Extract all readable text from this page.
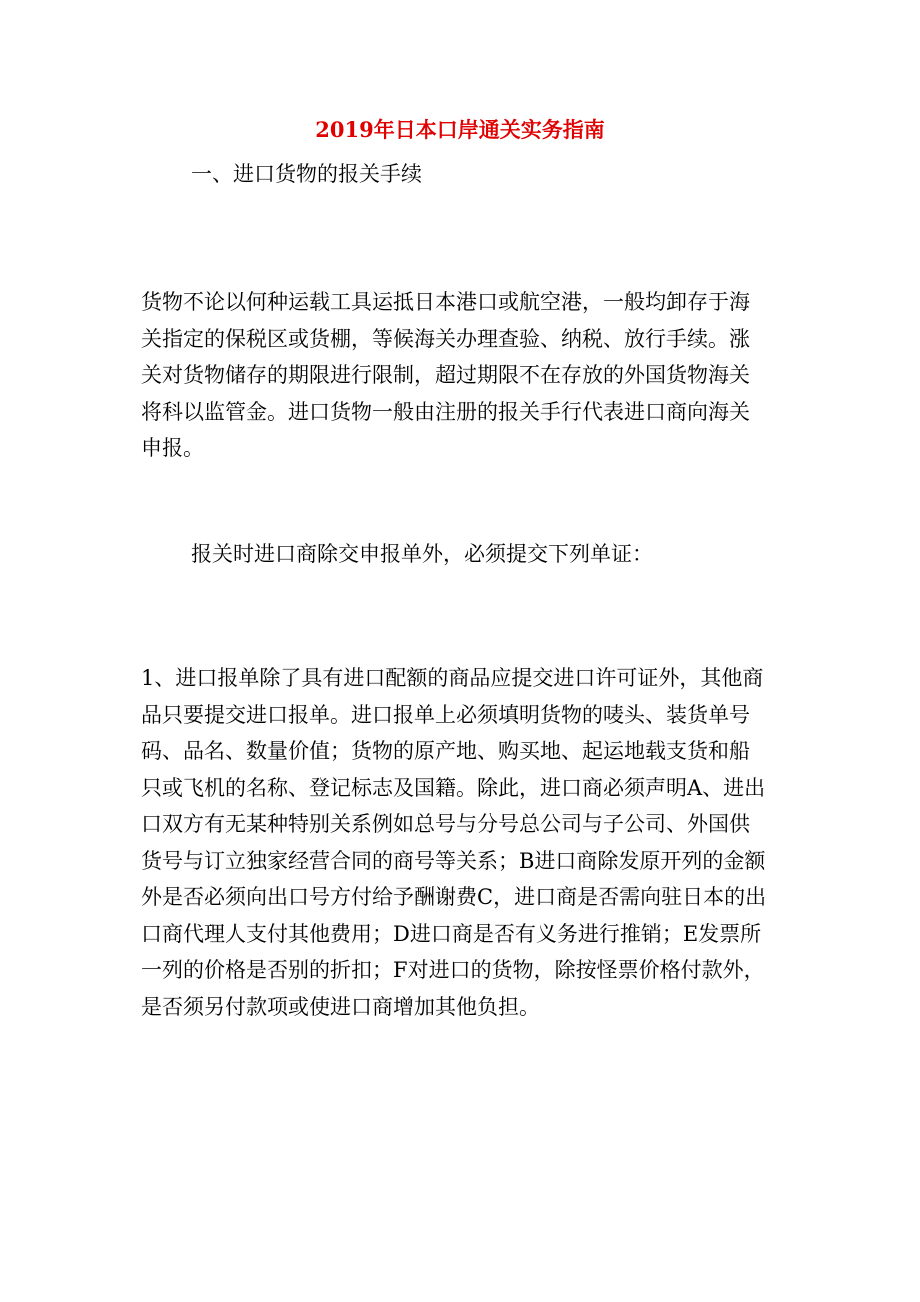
2019年日本口岸通关实务指南
一、进口货物的报关手续
货物不论以何种运载工具运抵日本港口或航空港，一般均卸存于海
关指定的保税区或货棚，等候海关办理查验、纳税、放行手续。涨
关对货物储存的期限进行限制，超过期限不在存放的外国货物海关
将科以监管金。进口货物一般由注册的报关手行代表进口商向海关
申报。
报关时进口商除交申报单外，必须提交下列单证：
1、进口报单除了具有进口配额的商品应提交进口许可证外，其他商
品只要提交进口报单。进口报单上必须填明货物的唛头、装货单号
码、品名、数量价值；货物的原产地、购买地、起运地载支货和船
只或飞机的名称、登记标志及国籍。除此，进口商必须声明A、进出
口双方有无某种特别关系例如总号与分号总公司与子公司、外国供
货号与订立独家经营合同的商号等关系；B进口商除发原开列的金额
外是否必须向出口号方付给予酬谢费C，进口商是否需向驻日本的出
口商代理人支付其他费用；D进口商是否有义务进行推销；E发票所
一列的价格是否别的折扣；F对进口的货物，除按怪票价格付款外，
是否须另付款项或使进口商增加其他负担。
